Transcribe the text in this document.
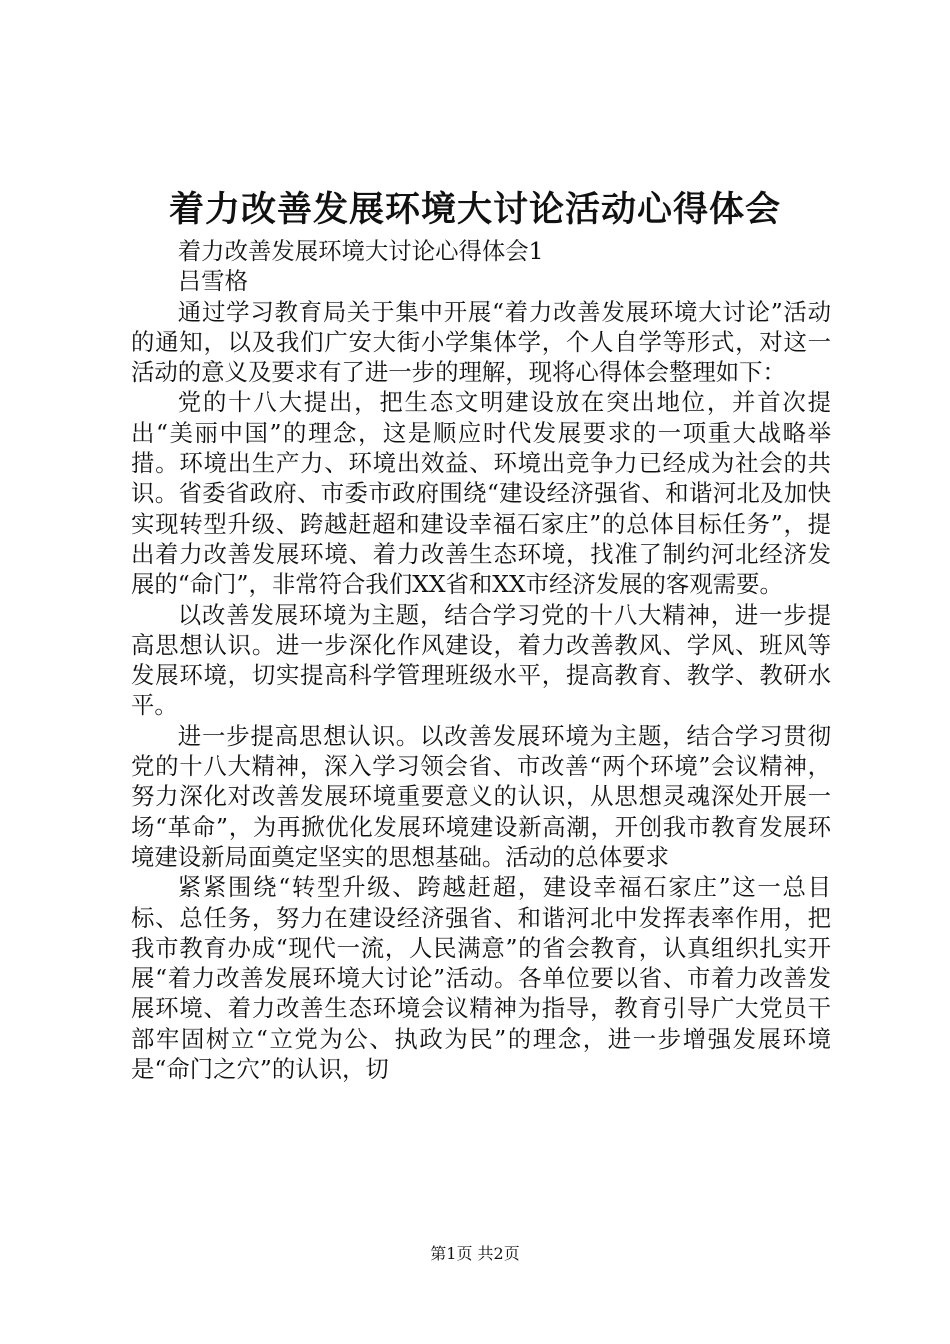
着力改善发展环境大讨论活动心得体会

着力改善发展环境大讨论心得体会1

吕雪格

通过学习教育局关于集中开展“着力改善发展环境大讨论”活动的通知，以及我们广安大街小学集体学，个人自学等形式，对这一活动的意义及要求有了进一步的理解，现将心得体会整理如下：

党的十八大提出，把生态文明建设放在突出地位，并首次提出“美丽中国”的理念，这是顺应时代发展要求的一项重大战略举措。环境出生产力、环境出效益、环境出竞争力已经成为社会的共识。省委省政府、市委市政府围绕“建设经济强省、和谐河北及加快实现转型升级、跨越赶超和建设幸福石家庄”的总体目标任务”，提出着力改善发展环境、着力改善生态环境，找准了制约河北经济发展的“命门”，非常符合我们XX省和XX市经济发展的客观需要。

以改善发展环境为主题，结合学习党的十八大精神，进一步提高思想认识。进一步深化作风建设，着力改善教风、学风、班风等发展环境，切实提高科学管理班级水平，提高教育、教学、教研水平。

进一步提高思想认识。以改善发展环境为主题，结合学习贯彻党的十八大精神，深入学习领会省、市改善“两个环境”会议精神，努力深化对改善发展环境重要意义的认识，从思想灵魂深处开展一场“革命”，为再掀优化发展环境建设新高潮，开创我市教育发展环境建设新局面奠定坚实的思想基础。活动的总体要求

紧紧围绕“转型升级、跨越赶超，建设幸福石家庄”这一总目标、总任务，努力在建设经济强省、和谐河北中发挥表率作用，把我市教育办成“现代一流，人民满意”的省会教育，认真组织扎实开展“着力改善发展环境大讨论”活动。各单位要以省、市着力改善发展环境、着力改善生态环境会议精神为指导，教育引导广大党员干部牢固树立“立党为公、执政为民”的理念，进一步增强发展环境是“命门之穴”的认识，切

第1页 共2页
